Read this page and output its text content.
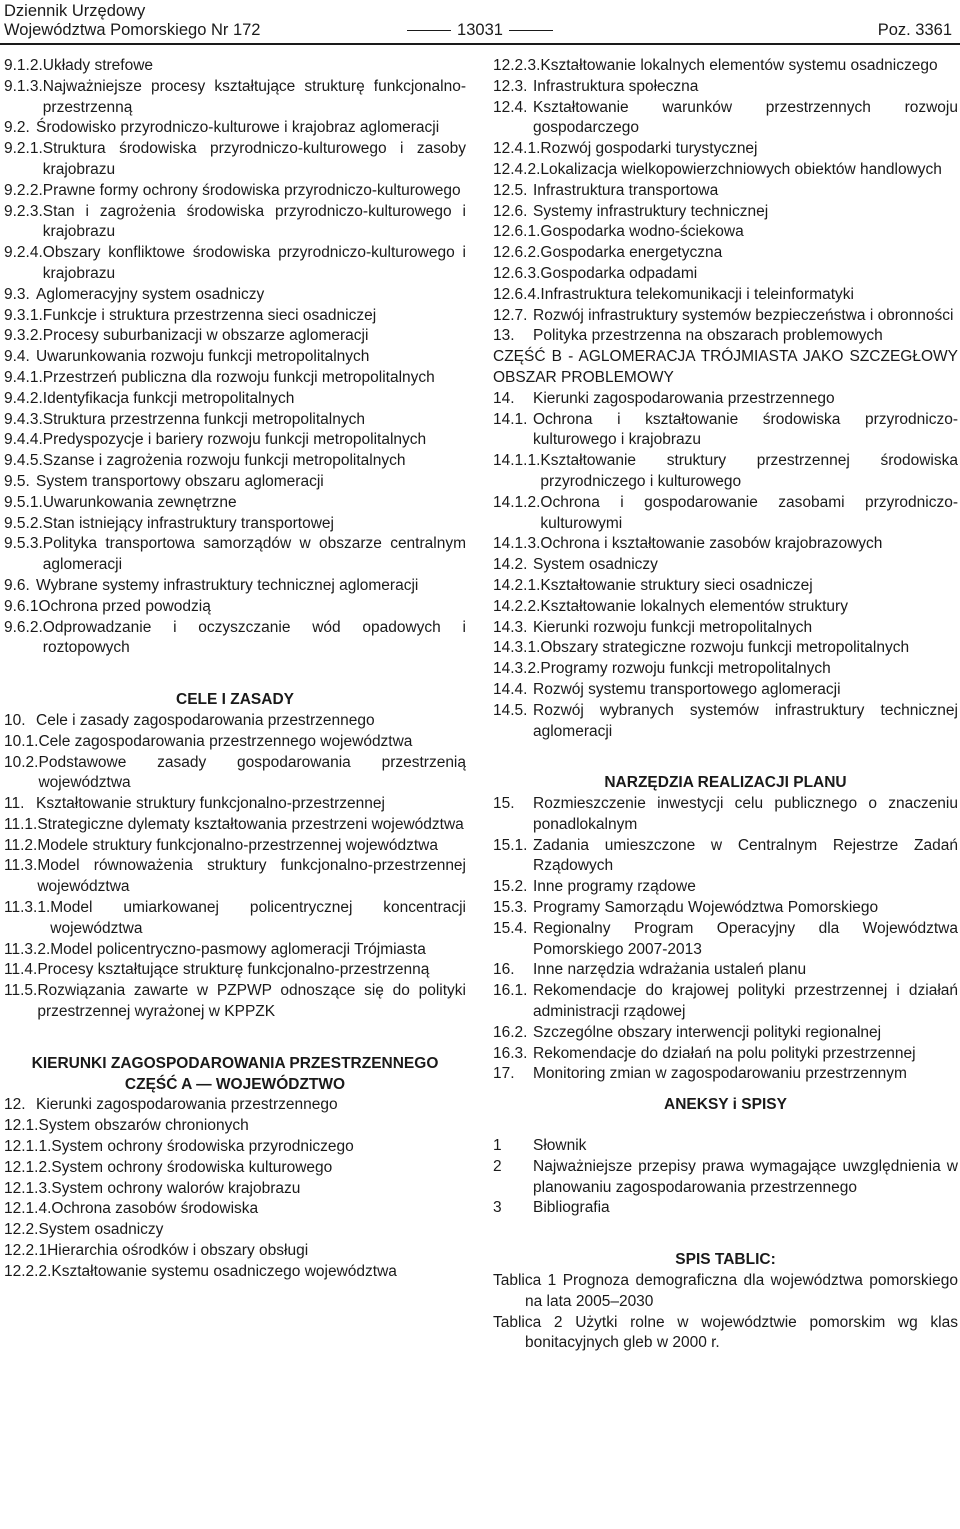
Dziennik Urzędowy
Województwa Pomorskiego Nr 172	13031	Poz. 3361
9.1.2. Układy strefowe
9.1.3. Najważniejsze procesy kształtujące strukturę funkcjonalno-przestrzenną
9.2. Środowisko przyrodniczo-kulturowe i krajobraz aglomeracji
9.2.1. Struktura środowiska przyrodniczo-kulturowego i zasoby krajobrazu
9.2.2. Prawne formy ochrony środowiska przyrodniczo-kulturowego
9.2.3. Stan i zagrożenia środowiska przyrodniczo-kulturowego i krajobrazu
9.2.4. Obszary konfliktowe środowiska przyrodniczo-kulturowego i krajobrazu
9.3. Aglomeracyjny system osadniczy
9.3.1. Funkcje i struktura przestrzenna sieci osadniczej
9.3.2. Procesy suburbanizacji w obszarze aglomeracji
9.4. Uwarunkowania rozwoju funkcji metropolitalnych
9.4.1. Przestrzeń publiczna dla rozwoju funkcji metropolitalnych
9.4.2. Identyfikacja funkcji metropolitalnych
9.4.3. Struktura przestrzenna funkcji metropolitalnych
9.4.4. Predyspozycje i bariery rozwoju funkcji metropolitalnych
9.4.5. Szanse i zagrożenia rozwoju funkcji metropolitalnych
9.5. System transportowy obszaru aglomeracji
9.5.1. Uwarunkowania zewnętrzne
9.5.2. Stan istniejący infrastruktury transportowej
9.5.3. Polityka transportowa samorządów w obszarze centralnym aglomeracji
9.6. Wybrane systemy infrastruktury technicznej aglomeracji
9.6.1 Ochrona przed powodzią
9.6.2. Odprowadzanie i oczyszczanie wód opadowych i roztopowych
CELE I ZASADY
10. Cele i zasady zagospodarowania przestrzennego
10.1. Cele zagospodarowania przestrzennego województwa
10.2. Podstawowe zasady gospodarowania przestrzenią województwa
11. Kształtowanie struktury funkcjonalno-przestrzennej
11.1. Strategiczne dylematy kształtowania przestrzeni województwa
11.2. Modele struktury funkcjonalno-przestrzennej województwa
11.3. Model równoważenia struktury funkcjonalno-przestrzennej województwa
11.3.1. Model umiarkowanej policentrycznej koncentracji województwa
11.3.2. Model policentryczno-pasmowy aglomeracji Trójmiasta
11.4. Procesy kształtujące strukturę funkcjonalno-przestrzenną
11.5. Rozwiązania zawarte w PZPWP odnoszące się do polityki przestrzennej wyrażonej w KPPZK
KIERUNKI ZAGOSPODAROWANIA PRZESTRZENNEGO
CZĘŚĆ A — WOJEWÓDZTWO
12. Kierunki zagospodarowania przestrzennego
12.1. System obszarów chronionych
12.1.1. System ochrony środowiska przyrodniczego
12.1.2. System ochrony środowiska kulturowego
12.1.3. System ochrony walorów krajobrazu
12.1.4. Ochrona zasobów środowiska
12.2. System osadniczy
12.2.1 Hierarchia ośrodków i obszary obsługi
12.2.2. Kształtowanie systemu osadniczego województwa
12.2.3. Kształtowanie lokalnych elementów systemu osadniczego
12.3. Infrastruktura społeczna
12.4. Kształtowanie warunków przestrzennych rozwoju gospodarczego
12.4.1. Rozwój gospodarki turystycznej
12.4.2. Lokalizacja wielkopowierzchniowych obiektów handlowych
12.5. Infrastruktura transportowa
12.6. Systemy infrastruktury technicznej
12.6.1. Gospodarka wodno-ściekowa
12.6.2. Gospodarka energetyczna
12.6.3. Gospodarka odpadami
12.6.4. Infrastruktura telekomunikacji i teleinformatyki
12.7. Rozwój infrastruktury systemów bezpieczeństwa i obronności
13.	Polityka przestrzenna na obszarach problemowych
CZĘŚĆ B - AGLOMERACJA TRÓJMIASTA JAKO SZCZEGŁOWY OBSZAR PROBLEMOWY
14.	Kierunki zagospodarowania przestrzennego
14.1. Ochrona i kształtowanie środowiska przyrodniczo-kulturowego i krajobrazu
14.1.1. Kształtowanie struktury przestrzennej środowiska przyrodniczego i kulturowego
14.1.2. Ochrona i gospodarowanie zasobami przyrodniczo-kulturowymi
14.1.3. Ochrona i kształtowanie zasobów krajobrazowych
14.2. System osadniczy
14.2.1. Kształtowanie struktury sieci osadniczej
14.2.2. Kształtowanie lokalnych elementów struktury
14.3. Kierunki rozwoju funkcji metropolitalnych
14.3.1. Obszary strategiczne rozwoju funkcji metropolitalnych
14.3.2. Programy rozwoju funkcji metropolitalnych
14.4. Rozwój systemu transportowego aglomeracji
14.5. Rozwój wybranych systemów infrastruktury technicznej aglomeracji
NARZĘDZIA REALIZACJI PLANU
15.	Rozmieszczenie inwestycji celu publicznego o znaczeniu ponadlokalnym
15.1. Zadania umieszczone w Centralnym Rejestrze Zadań Rządowych
15.2. Inne programy rządowe
15.3. Programy Samorządu Województwa Pomorskiego
15.4. Regionalny Program Operacyjny dla Województwa Pomorskiego 2007-2013
16.	Inne narzędzia wdrażania ustaleń planu
16.1. Rekomendacje do krajowej polityki przestrzennej i działań administracji rządowej
16.2. Szczególne obszary interwencji polityki regionalnej
16.3. Rekomendacje do działań na polu polityki przestrzennej
17.	Monitoring zmian w zagospodarowaniu przestrzennym
ANEKSY i SPISY
1	Słownik
2	Najważniejsze przepisy prawa wymagające uwzględnienia w planowaniu zagospodarowania przestrzennego
3	Bibliografia
SPIS TABLIC:
Tablica 1 Prognoza demograficzna dla województwa pomorskiego na lata 2005–2030
Tablica 2 Użytki rolne w województwie pomorskim wg klas bonitacyjnych gleb w 2000 r.
